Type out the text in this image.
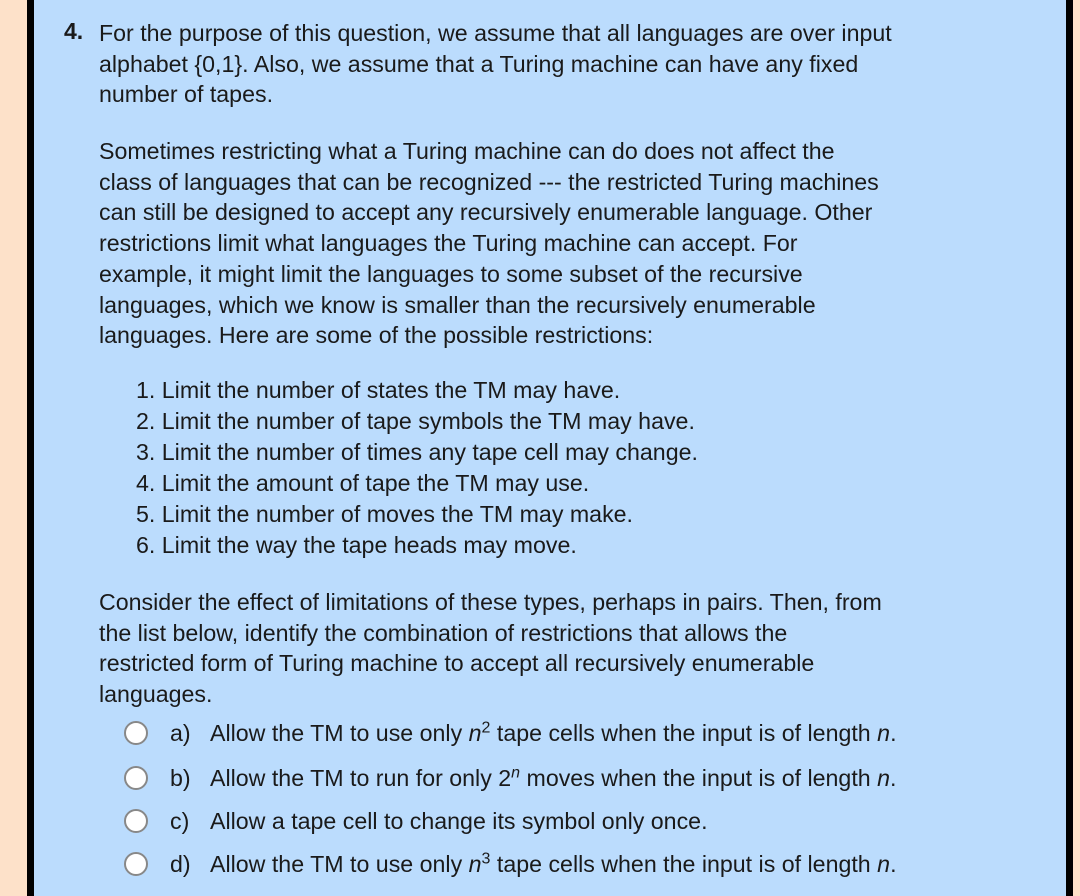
4. For the purpose of this question, we assume that all languages are over input
alphabet {0,1}. Also, we assume that a Turing machine can have any fixed
number of tapes.
Sometimes restricting what a Turing machine can do does not affect the
class of languages that can be recognized --- the restricted Turing machines
can still be designed to accept any recursively enumerable language. Other
restrictions limit what languages the Turing machine can accept. For
example, it might limit the languages to some subset of the recursive
languages, which we know is smaller than the recursively enumerable
languages. Here are some of the possible restrictions:
1. Limit the number of states the TM may have.
2. Limit the number of tape symbols the TM may have.
3. Limit the number of times any tape cell may change.
4. Limit the amount of tape the TM may use.
5. Limit the number of moves the TM may make.
6. Limit the way the tape heads may move.
Consider the effect of limitations of these types, perhaps in pairs. Then, from
the list below, identify the combination of restrictions that allows the
restricted form of Turing machine to accept all recursively enumerable
languages.
a) Allow the TM to use only $n^2$ tape cells when the input is of length n.
b) Allow the TM to run for only 2$^n$ moves when the input is of length n.
c) Allow a tape cell to change its symbol only once.
d) Allow the TM to use only $n^3$ tape cells when the input is of length n.
